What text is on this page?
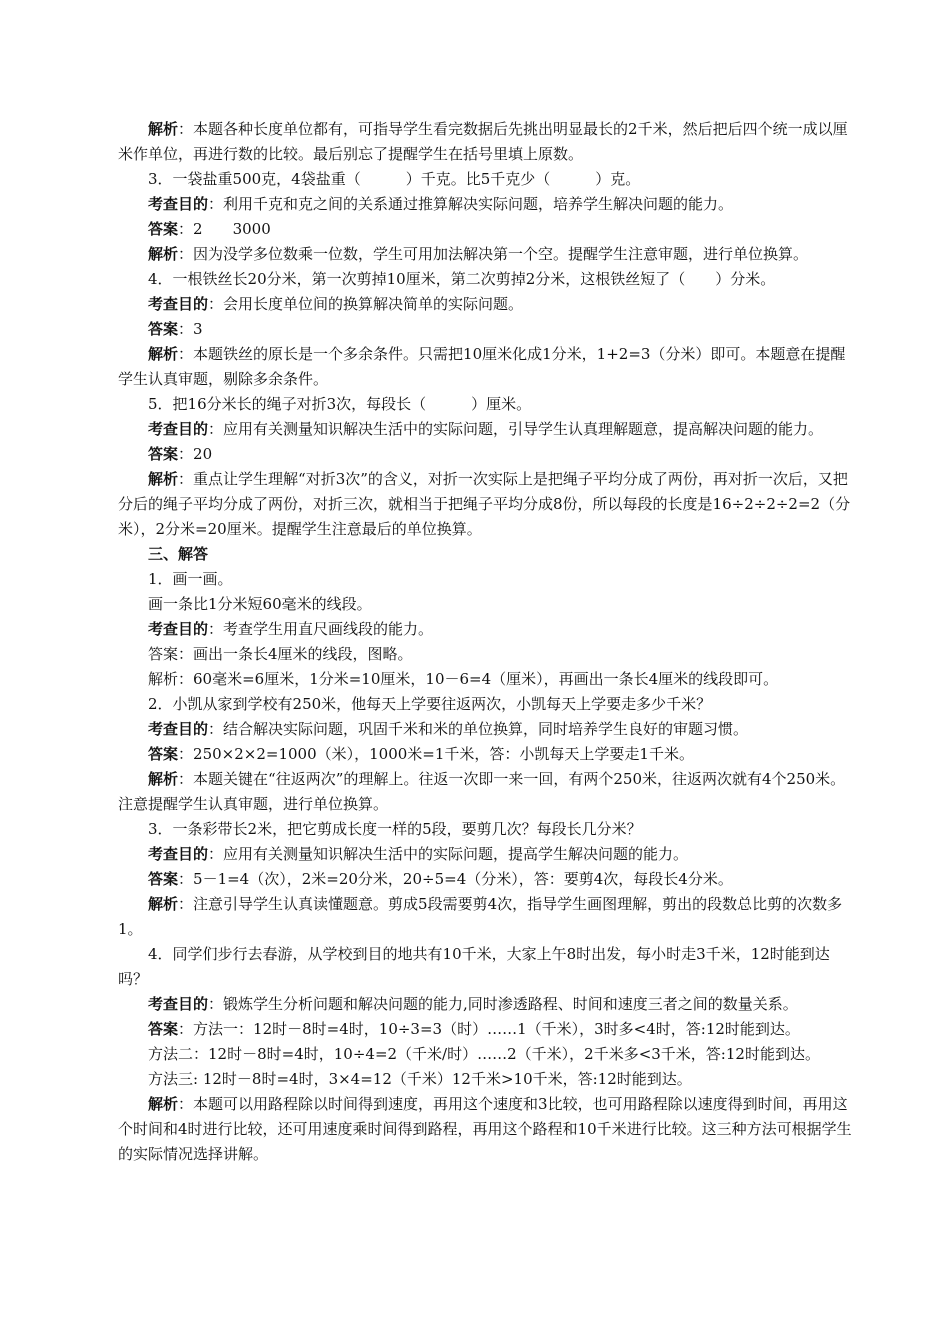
解析：本题各种长度单位都有，可指导学生看完数据后先挑出明显最长的2千米，然后把后四个统一成以厘米作单位，再进行数的比较。最后别忘了提醒学生在括号里填上原数。

3．一袋盐重500克，4袋盐重（　　　）千克。比5千克少（　　　）克。

考查目的：利用千克和克之间的关系通过推算解决实际问题，培养学生解决问题的能力。

答案：2　　3000

解析：因为没学多位数乘一位数，学生可用加法解决第一个空。提醒学生注意审题，进行单位换算。

4．一根铁丝长20分米，第一次剪掉10厘米，第二次剪掉2分米，这根铁丝短了（　　）分米。

考查目的：会用长度单位间的换算解决简单的实际问题。

答案：3

解析：本题铁丝的原长是一个多余条件。只需把10厘米化成1分米，1+2=3（分米）即可。本题意在提醒学生认真审题，剔除多余条件。

5．把16分米长的绳子对折3次，每段长（　　　）厘米。

考查目的：应用有关测量知识解决生活中的实际问题，引导学生认真理解题意，提高解决问题的能力。

答案：20

解析：重点让学生理解“对折3次”的含义，对折一次实际上是把绳子平均分成了两份，再对折一次后，又把分后的绳子平均分成了两份，对折三次，就相当于把绳子平均分成8份，所以每段的长度是16÷2÷2÷2=2（分米），2分米=20厘米。提醒学生注意最后的单位换算。

三、解答

1．画一画。

画一条比1分米短60毫米的线段。

考查目的：考查学生用直尺画线段的能力。

答案：画出一条长4厘米的线段，图略。

解析：60毫米=6厘米，1分米=10厘米，10－6=4（厘米），再画出一条长4厘米的线段即可。

2．小凯从家到学校有250米，他每天上学要往返两次，小凯每天上学要走多少千米？

考查目的：结合解决实际问题，巩固千米和米的单位换算，同时培养学生良好的审题习惯。

答案：250×2×2=1000（米），1000米=1千米，答：小凯每天上学要走1千米。

解析：本题关键在“往返两次”的理解上。往返一次即一来一回，有两个250米，往返两次就有4个250米。注意提醒学生认真审题，进行单位换算。

3．一条彩带长2米，把它剪成长度一样的5段，要剪几次？每段长几分米？

考查目的：应用有关测量知识解决生活中的实际问题，提高学生解决问题的能力。

答案：5－1=4（次），2米=20分米，20÷5=4（分米），答：要剪4次，每段长4分米。

解析：注意引导学生认真读懂题意。剪成5段需要剪4次，指导学生画图理解，剪出的段数总比剪的次数多1。

4．同学们步行去春游，从学校到目的地共有10千米，大家上午8时出发，每小时走3千米，12时能到达吗？

考查目的：锻炼学生分析问题和解决问题的能力,同时渗透路程、时间和速度三者之间的数量关系。

答案：方法一：12时－8时=4时，10÷3=3（时）……1（千米），3时多<4时，答:12时能到达。

方法二：12时－8时=4时，10÷4=2（千米/时）……2（千米），2千米多<3千米，答:12时能到达。

方法三: 12时－8时=4时，3×4=12（千米）12千米>10千米，答:12时能到达。

解析：本题可以用路程除以时间得到速度，再用这个速度和3比较，也可用路程除以速度得到时间，再用这个时间和4时进行比较，还可用速度乘时间得到路程，再用这个路程和10千米进行比较。这三种方法可根据学生的实际情况选择讲解。
